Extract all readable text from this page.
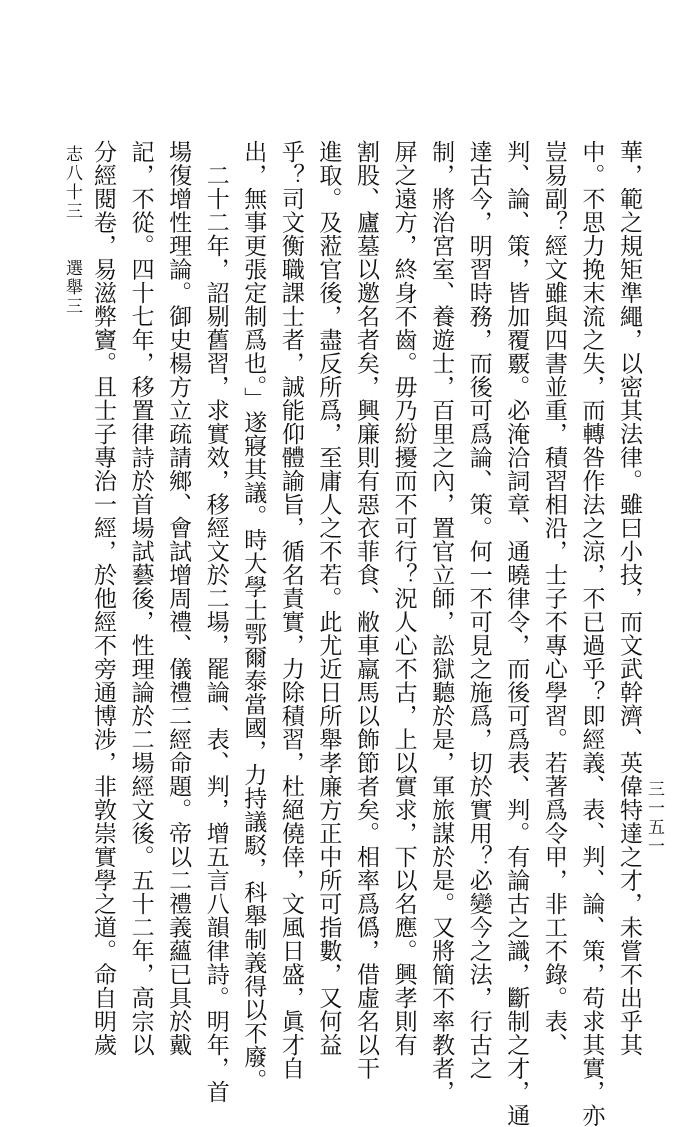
志八十三　　選舉三
三一五一
華，範之規矩準繩，以密其法律。雖曰小技，而文武幹濟、英偉特達之才，未嘗不出乎其
中。不思力挽末流之失，而轉咎作法之涼，不已過乎？即經義、表、判、論、策，苟求其實，亦
豈易副？經文雖與四書並重，積習相沿，士子不專心學習。若著爲令甲，非工不錄。表、
判、論、策，皆加覆覈。必淹洽詞章、通曉律令，而後可爲表、判。有論古之識，斷制之才，通
達古今，明習時務，而後可爲論、策。何一不可見之施爲，切於實用？必變今之法，行古之
制，將治宮室、養遊士，百里之內，置官立師，訟獄聽於是，軍旅謀於是。又將簡不率教者，
屏之遠方，終身不齒。毋乃紛擾而不可行？況人心不古，上以實求，下以名應。興孝則有
割股、廬墓以邀名者矣，興廉則有惡衣菲食、敝車羸馬以飾節者矣。相率爲僞，借虛名以干
進取。及蒞官後，盡反所爲，至庸人之不若。此尤近日所舉孝廉方正中所可指數，又何益
乎？司文衡職課士者，誠能仰體諭旨，循名責實，力除積習，杜絕僥倖，文風日盛，眞才自
出，無事更張定制爲也。」遂寢其議。時大學士鄂爾泰當國，力持議駁，科舉制義得以不廢。
　二十二年，詔剔舊習，求實效，移經文於二場，罷論、表、判，增五言八韻律詩。明年，首
場復增性理論。御史楊方立疏請鄉、會試增周禮、儀禮二經命題。帝以二禮義蘊已具於戴
記，不從。四十七年，移置律詩於首場試藝後，性理論於二場經文後。五十二年，高宗以
分經閱卷，易滋弊竇。且士子專治一經，於他經不旁通博涉，非敦崇實學之道。命自明歲
